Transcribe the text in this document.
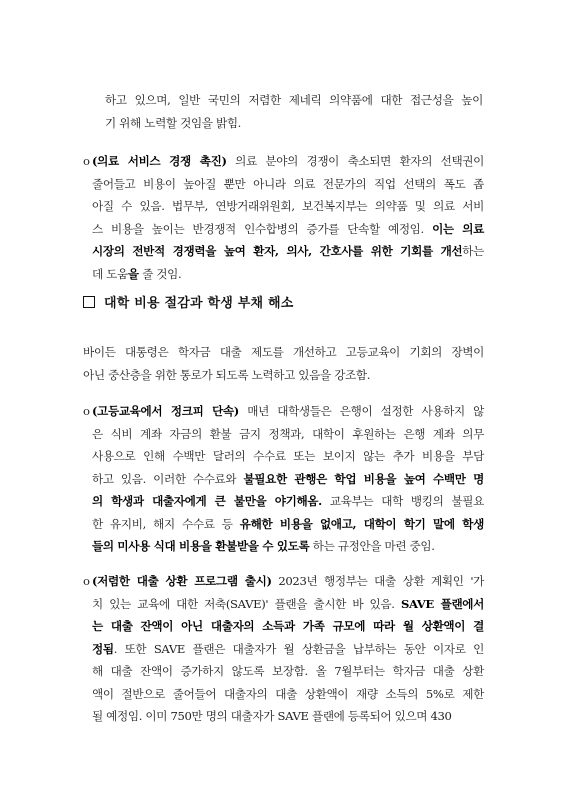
하고 있으며, 일반 국민의 저렴한 제네릭 의약품에 대한 접근성을 높이
기 위해 노력할 것임을 밝힘.
o (의료 서비스 경쟁 촉진) 의료 분야의 경쟁이 축소되면 환자의 선택권이
줄어들고 비용이 높아질 뿐만 아니라 의료 전문가의 직업 선택의 폭도 좁
아질 수 있음. 법무부, 연방거래위원회, 보건복지부는 의약품 및 의료 서비
스 비용을 높이는 반경쟁적 인수합병의 증가를 단속할 예정임. 이는 의료
시장의 전반적 경쟁력을 높여 환자, 의사, 간호사를 위한 기회를 개선하는
데 도움을 줄 것임.
대학 비용 절감과 학생 부채 해소
바이든 대통령은 학자금 대출 제도를 개선하고 고등교육이 기회의 장벽이
아닌 중산층을 위한 통로가 되도록 노력하고 있음을 강조함.
o (고등교육에서 정크피 단속) 매년 대학생들은 은행이 설정한 사용하지 않
은 식비 계좌 자금의 환불 금지 정책과, 대학이 후원하는 은행 계좌 의무
사용으로 인해 수백만 달러의 수수료 또는 보이지 않는 추가 비용을 부담
하고 있음. 이러한 수수료와 불필요한 관행은 학업 비용을 높여 수백만 명
의 학생과 대출자에게 큰 불만을 야기해옴. 교육부는 대학 뱅킹의 불필요
한 유지비, 해지 수수료 등 유해한 비용을 없애고, 대학이 학기 말에 학생
들의 미사용 식대 비용을 환불받을 수 있도록 하는 규정안을 마련 중임.
o (저렴한 대출 상환 프로그램 출시) 2023년 행정부는 대출 상환 계획인 '가
치 있는 교육에 대한 저축(SAVE)' 플랜을 출시한 바 있음. SAVE 플랜에서
는 대출 잔액이 아닌 대출자의 소득과 가족 규모에 따라 월 상환액이 결
정됨. 또한 SAVE 플랜은 대출자가 월 상환금을 납부하는 동안 이자로 인
해 대출 잔액이 증가하지 않도록 보장함. 올 7월부터는 학자금 대출 상환
액이 절반으로 줄어들어 대출자의 대출 상환액이 재량 소득의 5%로 제한
될 예정임. 이미 750만 명의 대출자가 SAVE 플랜에 등록되어 있으며 430
